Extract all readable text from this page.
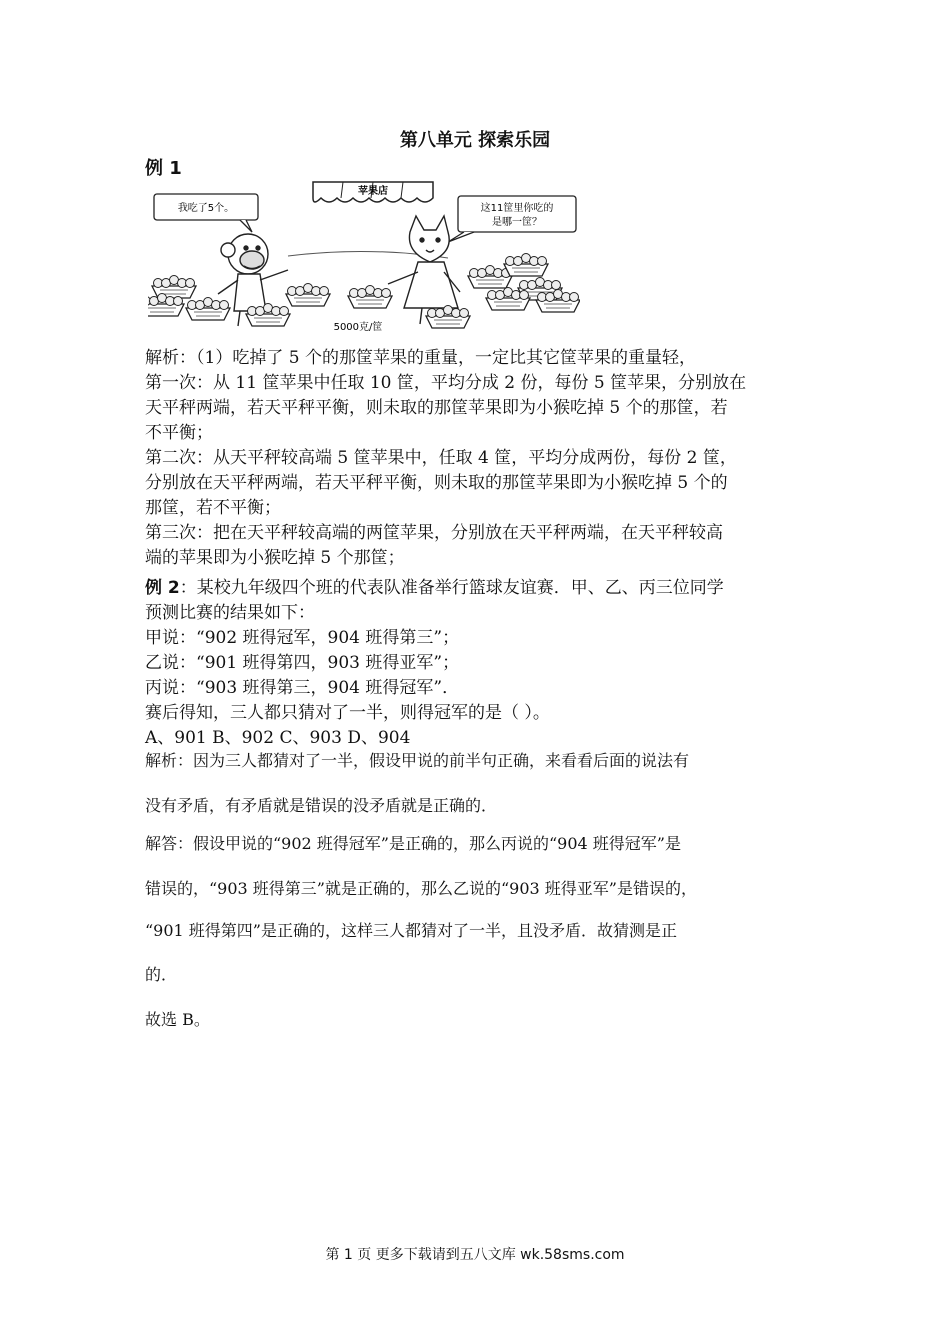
第八单元 探索乐园
例 1
苹果店
我吃了5个。	这11筐里你吃的
是哪一筐？
5000克/筐

解析：（1）吃掉了 5 个的那筐苹果的重量，一定比其它筐苹果的重量轻，

第一次：从 11 筐苹果中任取 10 筐，平均分成 2 份，每份 5 筐苹果，分别放在

天平秤两端，若天平秤平衡，则未取的那筐苹果即为小猴吃掉 5 个的那筐，若

不平衡；

第二次：从天平秤较高端 5 筐苹果中，任取 4 筐，平均分成两份，每份 2 筐，

分别放在天平秤两端，若天平秤平衡，则未取的那筐苹果即为小猴吃掉 5 个的

那筐，若不平衡；

第三次：把在天平秤较高端的两筐苹果，分别放在天平秤两端，在天平秤较高

端的苹果即为小猴吃掉 5 个那筐；

例 2：某校九年级四个班的代表队准备举行篮球友谊赛．甲、乙、丙三位同学

预测比赛的结果如下：

甲说：“902 班得冠军，904 班得第三”；

乙说：“901 班得第四，903 班得亚军”；

丙说：“903 班得第三，904 班得冠军”．

赛后得知，三人都只猜对了一半，则得冠军的是（ ）。

A、901 B、902 C、903 D、904

解析：因为三人都猜对了一半，假设甲说的前半句正确，来看看后面的说法有
没有矛盾，有矛盾就是错误的没矛盾就是正确的．
解答：假设甲说的“902 班得冠军”是正确的，那么丙说的“904 班得冠军”是
错误的，“903 班得第三”就是正确的，那么乙说的“903 班得亚军”是错误的，
“901 班得第四”是正确的，这样三人都猜对了一半，且没矛盾．故猜测是正
的．
故选 B。
第 1 页 更多下载请到五八文库 wk.58sms.com
